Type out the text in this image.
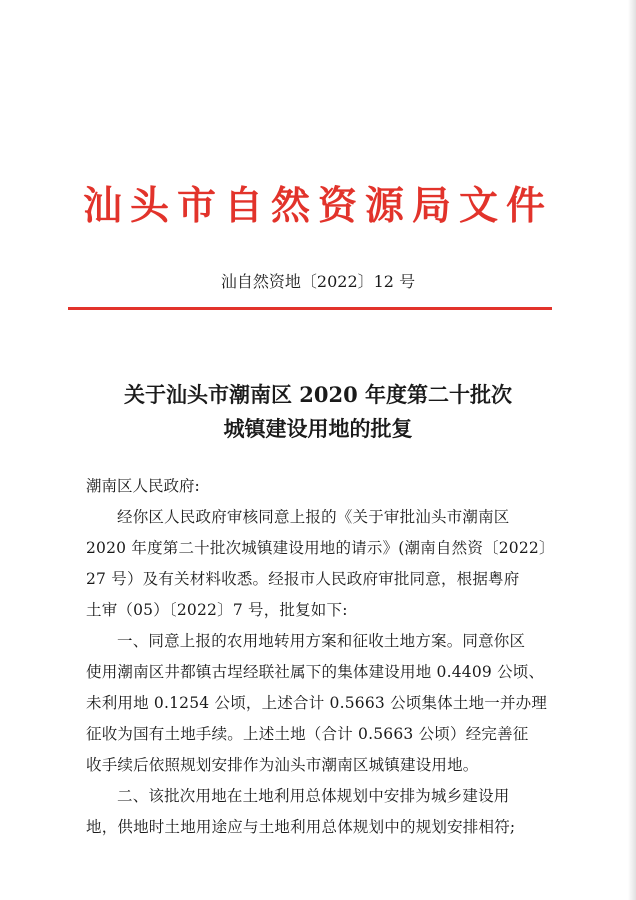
汕头市自然资源局文件
汕自然资地〔2022〕12 号
关于汕头市潮南区 2020 年度第二十批次
城镇建设用地的批复
潮南区人民政府:
经你区人民政府审核同意上报的《关于审批汕头市潮南区
2020 年度第二十批次城镇建设用地的请示》(潮南自然资〔2022〕
27 号）及有关材料收悉。经报市人民政府审批同意，根据粤府
土审（05）〔2022〕7 号，批复如下:
一、同意上报的农用地转用方案和征收土地方案。同意你区
使用潮南区井都镇古埕经联社属下的集体建设用地 0.4409 公顷、
未利用地 0.1254 公顷，上述合计 0.5663 公顷集体土地一并办理
征收为国有土地手续。上述土地（合计 0.5663 公顷）经完善征
收手续后依照规划安排作为汕头市潮南区城镇建设用地。
二、该批次用地在土地利用总体规划中安排为城乡建设用
地，供地时土地用途应与土地利用总体规划中的规划安排相符;
